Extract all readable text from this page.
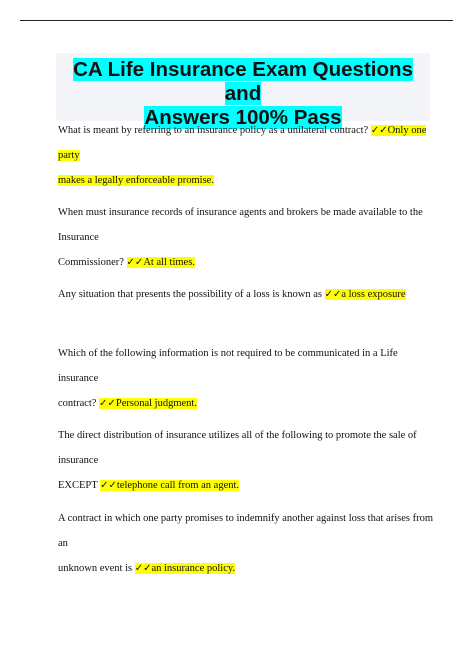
CA Life Insurance Exam Questions and
Answers 100% Pass
What is meant by referring to an insurance policy as a unilateral contract? ✓✓Only one party
makes a legally enforceable promise.
When must insurance records of insurance agents and brokers be made available to the Insurance
Commissioner? ✓✓At all times.
Any situation that presents the possibility of a loss is known as ✓✓a loss exposure
Which of the following information is not required to be communicated in a Life insurance
contract? ✓✓Personal judgment.
The direct distribution of insurance utilizes all of the following to promote the sale of insurance
EXCEPT ✓✓telephone call from an agent.
A contract in which one party promises to indemnify another against loss that arises from an
unknown event is ✓✓an insurance policy.
